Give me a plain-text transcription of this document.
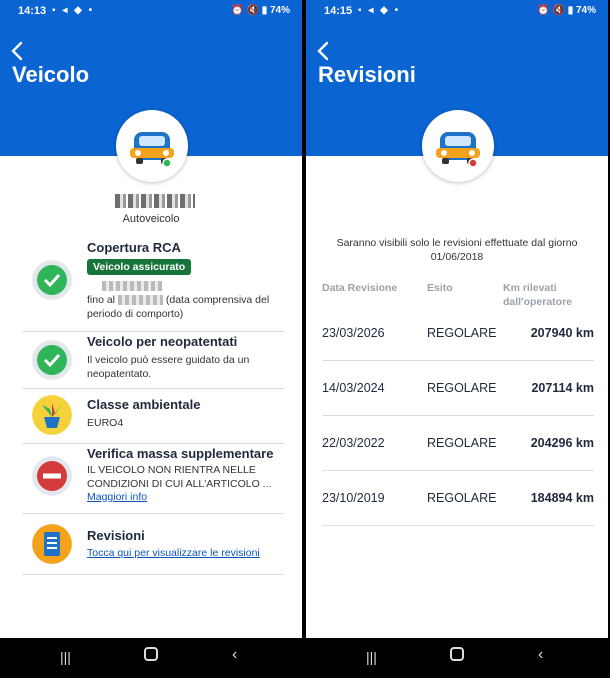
14:13 ▪ ◂ ◆ •	⏰ 🔇 ▮ 74%
Veicolo
Autoveicolo
Copertura RCA
Veicolo assicurato
fino al	(data comprensiva del periodo di comporto)
Veicolo per neopatentati
Il veicolo può essere guidato da un neopatentato.
Classe ambientale
EURO4
Verifica massa supplementare
IL VEICOLO NON RIENTRA NELLE CONDIZIONI DI CUI ALL'ARTICOLO ...
Maggiori info
Revisioni
Tocca qui per visualizzare le revisioni
|||	‹
14:15 ▪ ◂ ◆ •	⏰ 🔇 ▮ 74%
Revisioni
Saranno visibili solo le revisioni effettuate dal giorno 01/06/2018
Data Revisione	Esito	Km rilevati dall'operatore
23/03/2026	REGOLARE	207940 km
14/03/2024	REGOLARE	207114 km
22/03/2022	REGOLARE	204296 km
23/10/2019	REGOLARE	184894 km
|||	‹
